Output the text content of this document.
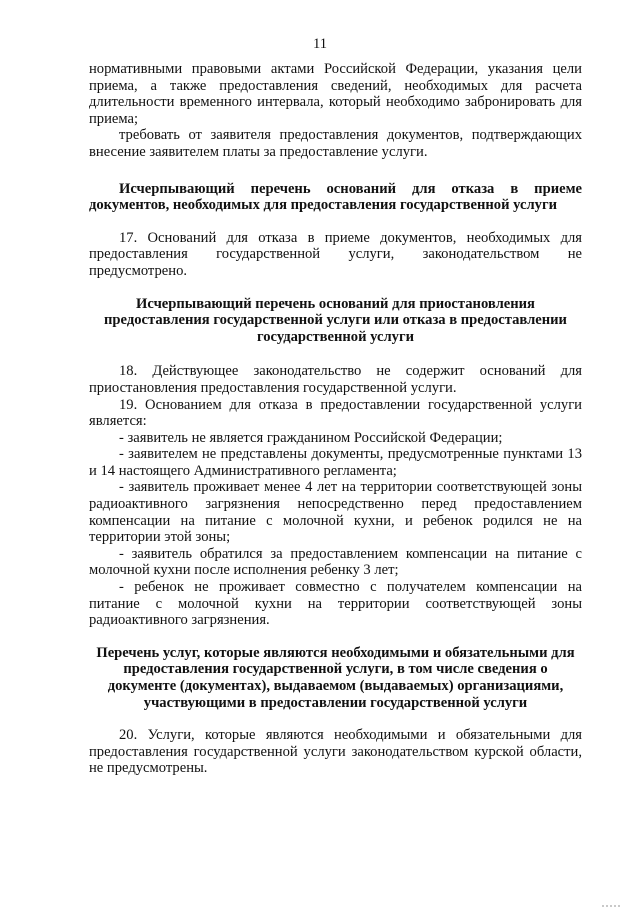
11

нормативными правовыми актами Российской Федерации, указания цели приема, а также предоставления сведений, необходимых для расчета длительности временного интервала, который необходимо забронировать для приема;

требовать от заявителя предоставления документов, подтверждающих внесение заявителем платы за предоставление услуги.

Исчерпывающий перечень оснований для отказа в приеме документов, необходимых для предоставления государственной услуги

17. Оснований для отказа в приеме документов, необходимых для предоставления государственной услуги, законодательством не предусмотрено.

Исчерпывающий перечень оснований для приостановления предоставления государственной услуги или отказа в предоставлении государственной услуги

18. Действующее законодательство не содержит оснований для приостановления предоставления государственной услуги.

19. Основанием для отказа в предоставлении государственной услуги является:

- заявитель не является гражданином Российской Федерации;

- заявителем не представлены документы, предусмотренные пунктами 13 и 14 настоящего Административного регламента;

- заявитель проживает менее 4 лет на территории соответствующей зоны радиоактивного загрязнения непосредственно перед предоставлением компенсации на питание с молочной кухни, и ребенок родился не на территории этой зоны;

- заявитель обратился за предоставлением компенсации на питание с молочной кухни после исполнения ребенку 3 лет;

- ребенок не проживает совместно с получателем компенсации на питание с молочной кухни на территории соответствующей зоны радиоактивного загрязнения.

Перечень услуг, которые являются необходимыми и обязательными для предоставления государственной услуги, в том числе сведения о документе (документах), выдаваемом (выдаваемых) организациями, участвующими в предоставлении государственной услуги

20. Услуги, которые являются необходимыми и обязательными для предоставления государственной услуги законодательством курской области, не предусмотрены.
